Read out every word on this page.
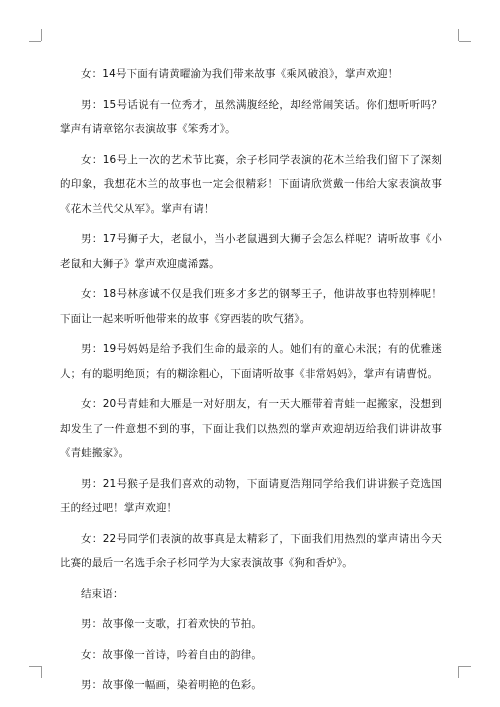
女：14号下面有请黄曜渝为我们带来故事《乘风破浪》，掌声欢迎！

男：15号话说有一位秀才，虽然满腹经纶，却经常闹笑话。你们想听听吗？掌声有请章铭尔表演故事《笨秀才》。

女：16号上一次的艺术节比赛，余子杉同学表演的花木兰给我们留下了深刻的印象，我想花木兰的故事也一定会很精彩！下面请欣赏戴一伟给大家表演故事《花木兰代父从军》。掌声有请！

男：17号狮子大，老鼠小，当小老鼠遇到大狮子会怎么样呢？请听故事《小老鼠和大狮子》掌声欢迎虞浠露。

女：18号林彦诚不仅是我们班多才多艺的钢琴王子，他讲故事也特别棒呢！下面让一起来听听他带来的故事《穿西装的吹气猪》。

男：19号妈妈是给予我们生命的最亲的人。她们有的童心未泯；有的优雅迷人；有的聪明绝顶；有的糊涂粗心，下面请听故事《非常妈妈》，掌声有请曹悦。

女：20号青蛙和大雁是一对好朋友，有一天大雁带着青蛙一起搬家，没想到却发生了一件意想不到的事，下面让我们以热烈的掌声欢迎胡迈给我们讲讲故事《青蛙搬家》。

男：21号猴子是我们喜欢的动物，下面请夏浩翔同学给我们讲讲猴子竞选国王的经过吧！掌声欢迎！

女：22号同学们表演的故事真是太精彩了，下面我们用热烈的掌声请出今天比赛的最后一名选手余子杉同学为大家表演故事《狗和香炉》。

结束语：

男：故事像一支歌，打着欢快的节拍。

女：故事像一首诗，吟着自由的韵律。

男：故事像一幅画，染着明艳的色彩。
